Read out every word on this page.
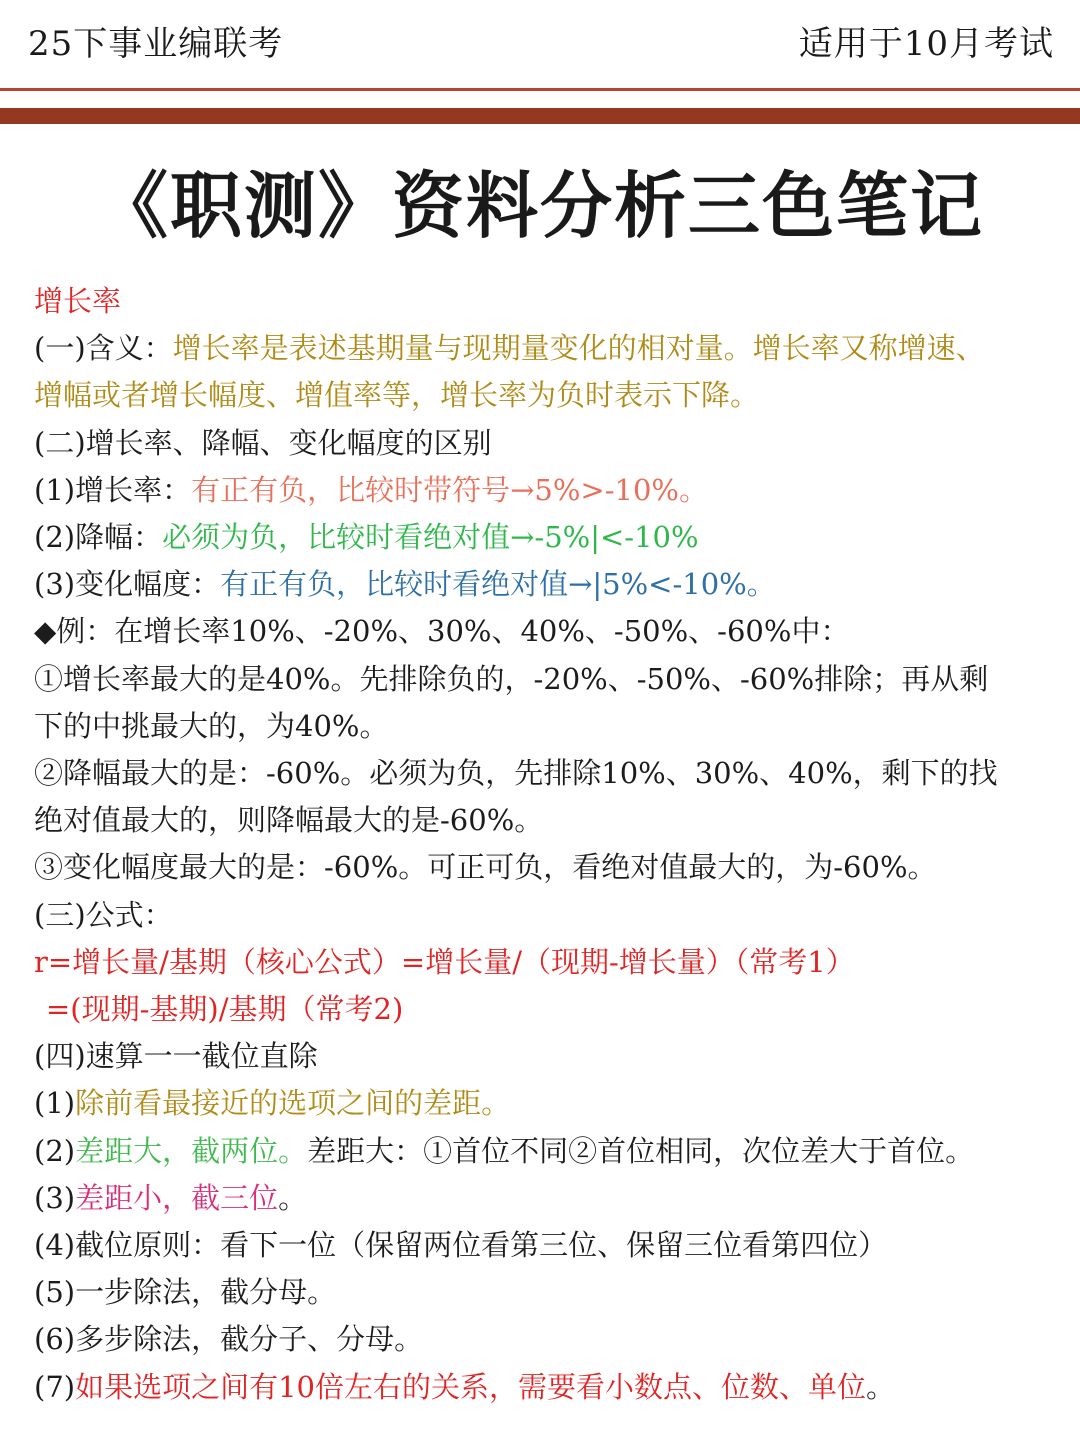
25下事业编联考	适用于10月考试
《职测》资料分析三色笔记
增长率
(一)含义：增长率是表述基期量与现期量变化的相对量。增长率又称增速、
增幅或者增长幅度、增值率等，增长率为负时表示下降。
(二)增长率、降幅、变化幅度的区别
(1)增长率：有正有负，比较时带符号→5%>-10%。
(2)降幅：必须为负，比较时看绝对值→-5%|<-10%
(3)变化幅度：有正有负，比较时看绝对值→|5%<-10%。
◆例：在增长率10%、-20%、30%、40%、-50%、-60%中：
①增长率最大的是40%。先排除负的，-20%、-50%、-60%排除；再从剩
下的中挑最大的，为40%。
②降幅最大的是：-60%。必须为负，先排除10%、30%、40%，剩下的找
绝对值最大的，则降幅最大的是-60%。
③变化幅度最大的是：-60%。可正可负，看绝对值最大的，为-60%。
(三)公式：
r=增长量/基期（核心公式）=增长量/（现期-增长量）（常考1）
=(现期-基期)/基期（常考2)
(四)速算一一截位直除
(1)除前看最接近的选项之间的差距。
(2)差距大，截两位。差距大：①首位不同②首位相同，次位差大于首位。
(3)差距小，截三位。
(4)截位原则：看下一位（保留两位看第三位、保留三位看第四位）
(5)一步除法，截分母。
(6)多步除法，截分子、分母。
(7)如果选项之间有10倍左右的关系，需要看小数点、位数、单位。
